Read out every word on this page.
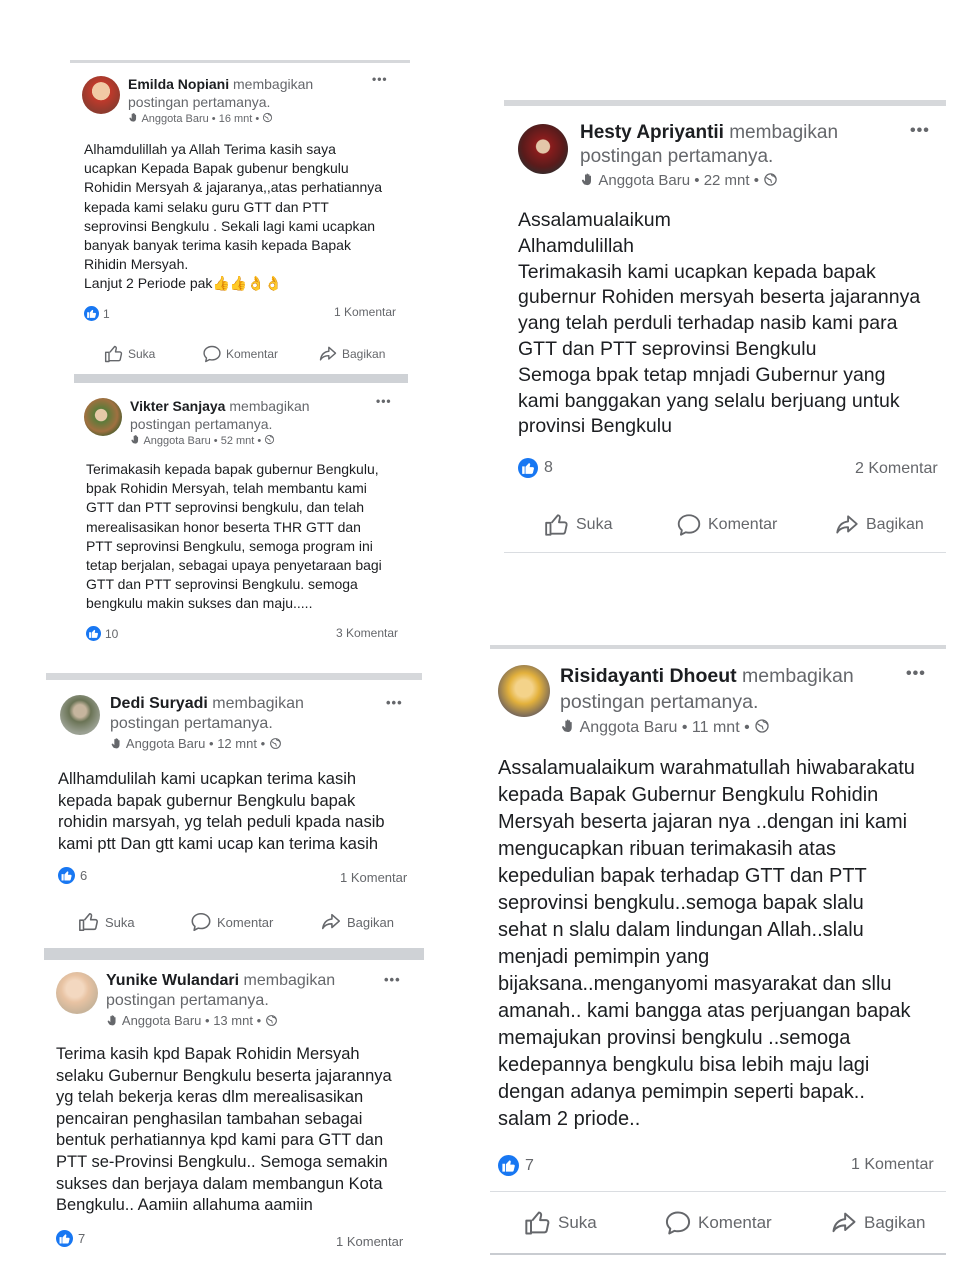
Emilda Nopiani membagikan
postingan pertamanya.
Anggota Baru • 16 mnt •
•••
Alhamdulillah ya Allah Terima kasih saya
ucapkan Kepada Bapak gubenur bengkulu
Rohidin Mersyah & jajaranya,,atas perhatiannya
kepada kami selaku guru GTT dan PTT
seprovinsi Bengkulu . Sekali lagi kami ucapkan
banyak banyak terima kasih kepada Bapak
Rihidin Mersyah.
Lanjut 2 Periode pak👍👍👌👌
1	1 Komentar
Suka	Komentar	Bagikan
Vikter Sanjaya membagikan
postingan pertamanya.
Anggota Baru • 52 mnt •
•••
Terimakasih kepada bapak gubernur Bengkulu,
bpak Rohidin Mersyah, telah membantu kami
GTT dan PTT seprovinsi bengkulu, dan telah
merealisasikan honor beserta THR GTT dan
PTT seprovinsi Bengkulu, semoga program ini
tetap berjalan, sebagai upaya penyetaraan bagi
GTT dan PTT seprovinsi Bengkulu. semoga
bengkulu makin sukses dan maju.....
10	3 Komentar
Hesty Apriyantii membagikan
postingan pertamanya.
Anggota Baru • 22 mnt •
•••
Assalamualaikum
Alhamdulillah
Terimakasih kami ucapkan kepada bapak
gubernur Rohiden mersyah beserta jajarannya
yang telah perduli terhadap nasib kami para
GTT dan PTT seprovinsi Bengkulu
Semoga bpak tetap mnjadi Gubernur yang
kami banggakan yang selalu berjuang untuk
provinsi Bengkulu
8	2 Komentar
Suka	Komentar	Bagikan
Dedi Suryadi membagikan
postingan pertamanya.
Anggota Baru • 12 mnt •
•••
Allhamdulilah kami ucapkan terima kasih
kepada bapak gubernur Bengkulu bapak
rohidin marsyah, yg telah peduli kpada nasib
kami ptt Dan gtt kami ucap kan terima kasih
6	1 Komentar
Suka	Komentar	Bagikan
Yunike Wulandari membagikan
postingan pertamanya.
Anggota Baru • 13 mnt •
•••
Terima kasih kpd Bapak Rohidin Mersyah
selaku Gubernur Bengkulu beserta jajarannya
yg telah bekerja keras dlm merealisasikan
pencairan penghasilan tambahan sebagai
bentuk perhatiannya kpd kami para GTT dan
PTT se-Provinsi Bengkulu.. Semoga semakin
sukses dan berjaya dalam membangun Kota
Bengkulu.. Aamiin allahuma aamiin
7	1 Komentar
Risidayanti Dhoeut membagikan
postingan pertamanya.
Anggota Baru • 11 mnt •
•••
Assalamualaikum warahmatullah hiwabarakatu
kepada Bapak Gubernur Bengkulu Rohidin
Mersyah beserta jajaran nya ..dengan ini kami
mengucapkan ribuan terimakasih atas
kepedulian bapak terhadap GTT dan PTT
seprovinsi bengkulu..semoga bapak slalu
sehat n slalu dalam lindungan Allah..slalu
menjadi pemimpin yang
bijaksana..menganyomi masyarakat dan sllu
amanah.. kami bangga atas perjuangan bapak
memajukan provinsi bengkulu ..semoga
kedepannya bengkulu bisa lebih maju lagi
dengan adanya pemimpin seperti bapak..
salam 2 priode..
7	1 Komentar
Suka	Komentar	Bagikan
